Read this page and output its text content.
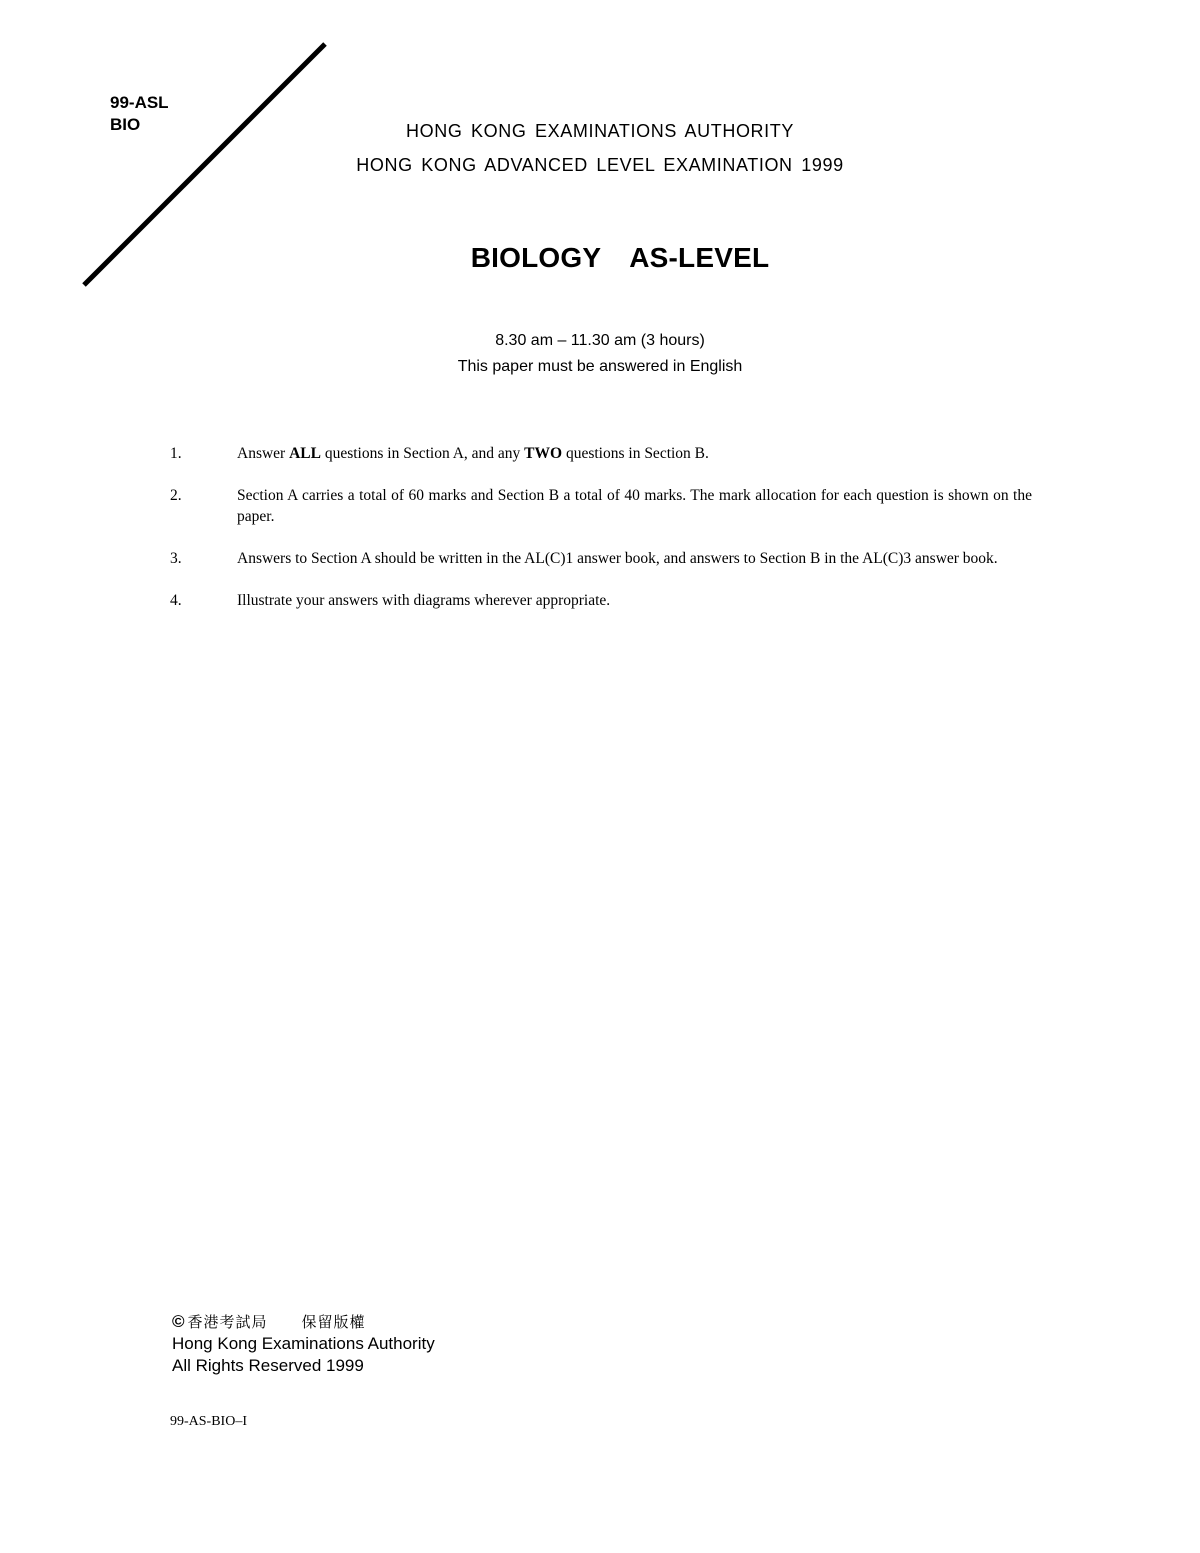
99-ASL
BIO	HONG KONG EXAMINATIONS AUTHORITY
HONG KONG ADVANCED LEVEL EXAMINATION 1999
BIOLOGY AS-LEVEL
8.30 am – 11.30 am (3 hours)
This paper must be answered in English
1.	Answer ALL questions in Section A, and any TWO questions in Section B.
2.	Section A carries a total of 60 marks and Section B a total of 40 marks. The mark allocation for each question is shown on the paper.
3.	Answers to Section A should be written in the AL(C)1 answer book, and answers to Section B in the AL(C)3 answer book.
4.	Illustrate your answers with diagrams wherever appropriate.
© 香港考試局 保留版權
Hong Kong Examinations Authority
All Rights Reserved 1999
99-AS-BIO–I
